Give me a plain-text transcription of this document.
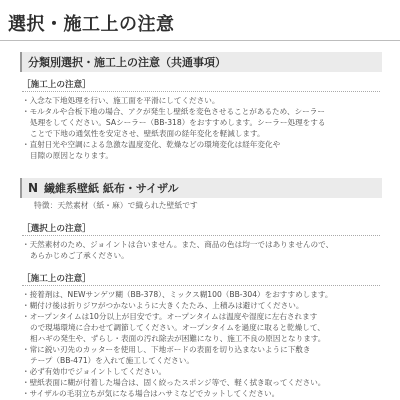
選択・施工上の注意
分類別選択・施工上の注意（共通事項）
［施工上の注意］
・入念な下地処理を行い、施工面を平滑にしてください。
・モルタルや合板下地の場合、アクが発生し壁紙を変色させることがあるため、シーラー
処理をしてください。SAシーラー（BB-318）をおすすめします。シーラー処理をする
ことで下地の通気性を安定させ、壁紙表面の経年変化を軽減します。
・直射日光や空調による急激な温度変化、乾燥などの環境変化は経年変化や
目隙の原因となります。
N 繊維系壁紙 紙布・サイザル
特徴：天然素材（紙・麻）で織られた壁紙です
［選択上の注意］
・天然素材のため、ジョイントは合いません。また、商品の色は均一ではありませんので、
あらかじめご了承ください。
［施工上の注意］
・接着剤は、NEWサンゲツ糊（BB-378）、ミックス糊100（BB-304）をおすすめします。
・糊付け後は折りジワがつかないように大きくたたみ、上積みは避けてください。
・オープンタイムは10分以上が目安です。オープンタイムは温度や湿度に左右されます
ので現場環境に合わせて調節してください。オープンタイムを過度に取ると乾燥して、
相ハギの発生や、ずらし・表面の汚れ除去が困難になり、施工不良の原因となります。
・常に鋭い刃先のカッターを使用し、下地ボードの表面を切り込まないように下敷き
テープ（BB-471）を入れて施工してください。
・必ず有効巾でジョイントしてください。
・壁紙表面に糊が付着した場合は、固く絞ったスポンジ等で、軽く拭き取ってください。
・サイザルの毛羽立ちが気になる場合はハサミなどでカットしてください。
